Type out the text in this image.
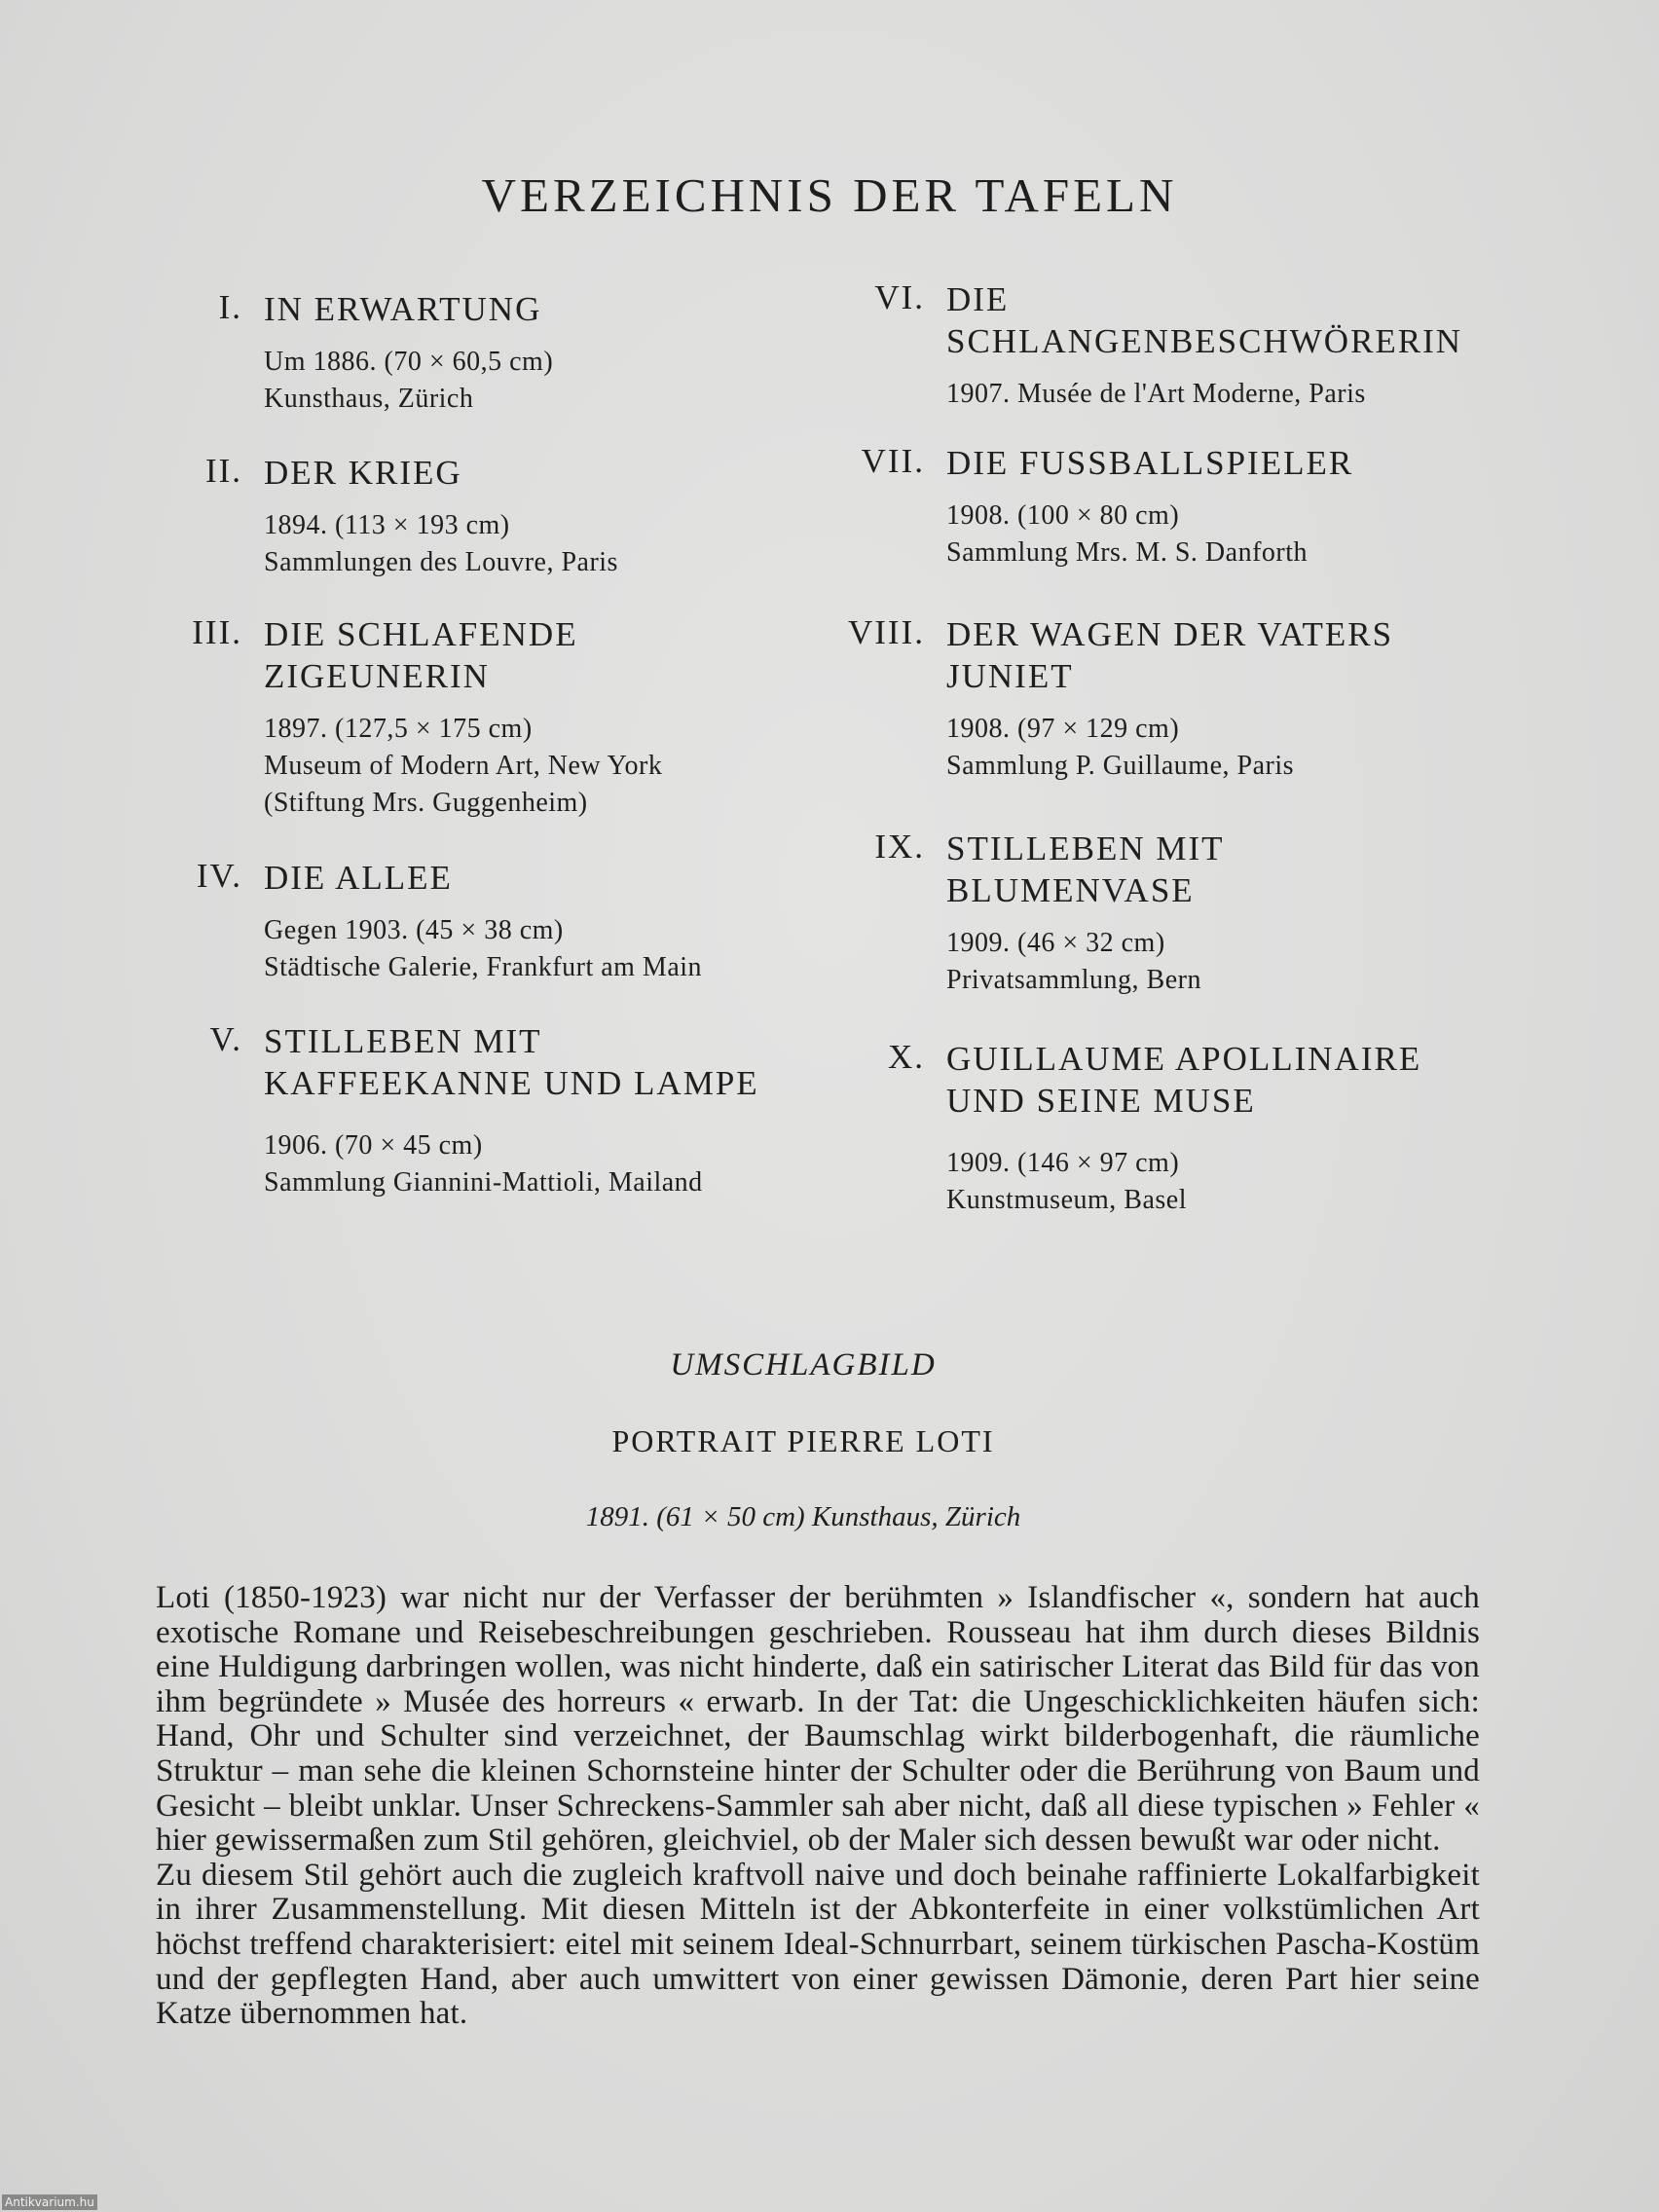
VERZEICHNIS DER TAFELN
I. IN ERWARTUNG
Um 1886. (70 × 60,5 cm)
Kunsthaus, Zürich
II. DER KRIEG
1894. (113 × 193 cm)
Sammlungen des Louvre, Paris
III. DIE SCHLAFENDE
ZIGEUNERIN
1897. (127,5 × 175 cm)
Museum of Modern Art, New York
(Stiftung Mrs. Guggenheim)
IV. DIE ALLEE
Gegen 1903. (45 × 38 cm)
Städtische Galerie, Frankfurt am Main
V. STILLEBEN MIT
KAFFEEKANNE UND LAMPE
1906. (70 × 45 cm)
Sammlung Giannini-Mattioli, Mailand
VI. DIE
SCHLANGENBESCHWÖRERIN
1907. Musée de l'Art Moderne, Paris
VII. DIE FUSSBALLSPIELER
1908. (100 × 80 cm)
Sammlung Mrs. M. S. Danforth
VIII. DER WAGEN DER VATERS
JUNIET
1908. (97 × 129 cm)
Sammlung P. Guillaume, Paris
IX. STILLEBEN MIT
BLUMENVASE
1909. (46 × 32 cm)
Privatsammlung, Bern
X. GUILLAUME APOLLINAIRE
UND SEINE MUSE
1909. (146 × 97 cm)
Kunstmuseum, Basel
UMSCHLAGBILD
PORTRAIT PIERRE LOTI
1891. (61 × 50 cm) Kunsthaus, Zürich

Loti (1850-1923) war nicht nur der Verfasser der berühmten » Islandfischer «, sondern hat auch exotische Romane und Reisebeschreibungen geschrieben. Rousseau hat ihm durch dieses Bildnis eine Huldigung darbringen wollen, was nicht hinderte, daß ein satirischer Literat das Bild für das von ihm begründete » Musée des horreurs « erwarb. In der Tat: die Ungeschicklichkeiten häufen sich: Hand, Ohr und Schulter sind verzeichnet, der Baumschlag wirkt bilderbogenhaft, die räumliche Struktur – man sehe die kleinen Schornsteine hinter der Schulter oder die Berührung von Baum und Gesicht – bleibt unklar. Unser Schreckens-Sammler sah aber nicht, daß all diese typischen » Fehler « hier gewissermaßen zum Stil gehören, gleichviel, ob der Maler sich dessen bewußt war oder nicht.

Zu diesem Stil gehört auch die zugleich kraftvoll naive und doch beinahe raffinierte Lokalfarbigkeit in ihrer Zusammenstellung. Mit diesen Mitteln ist der Abkonterfeite in einer volkstümlichen Art höchst treffend charakterisiert: eitel mit seinem Ideal-Schnurrbart, seinem türkischen Pascha-Kostüm und der gepflegten Hand, aber auch umwittert von einer gewissen Dämonie, deren Part hier seine Katze übernommen hat.

Antikvarium.hu
